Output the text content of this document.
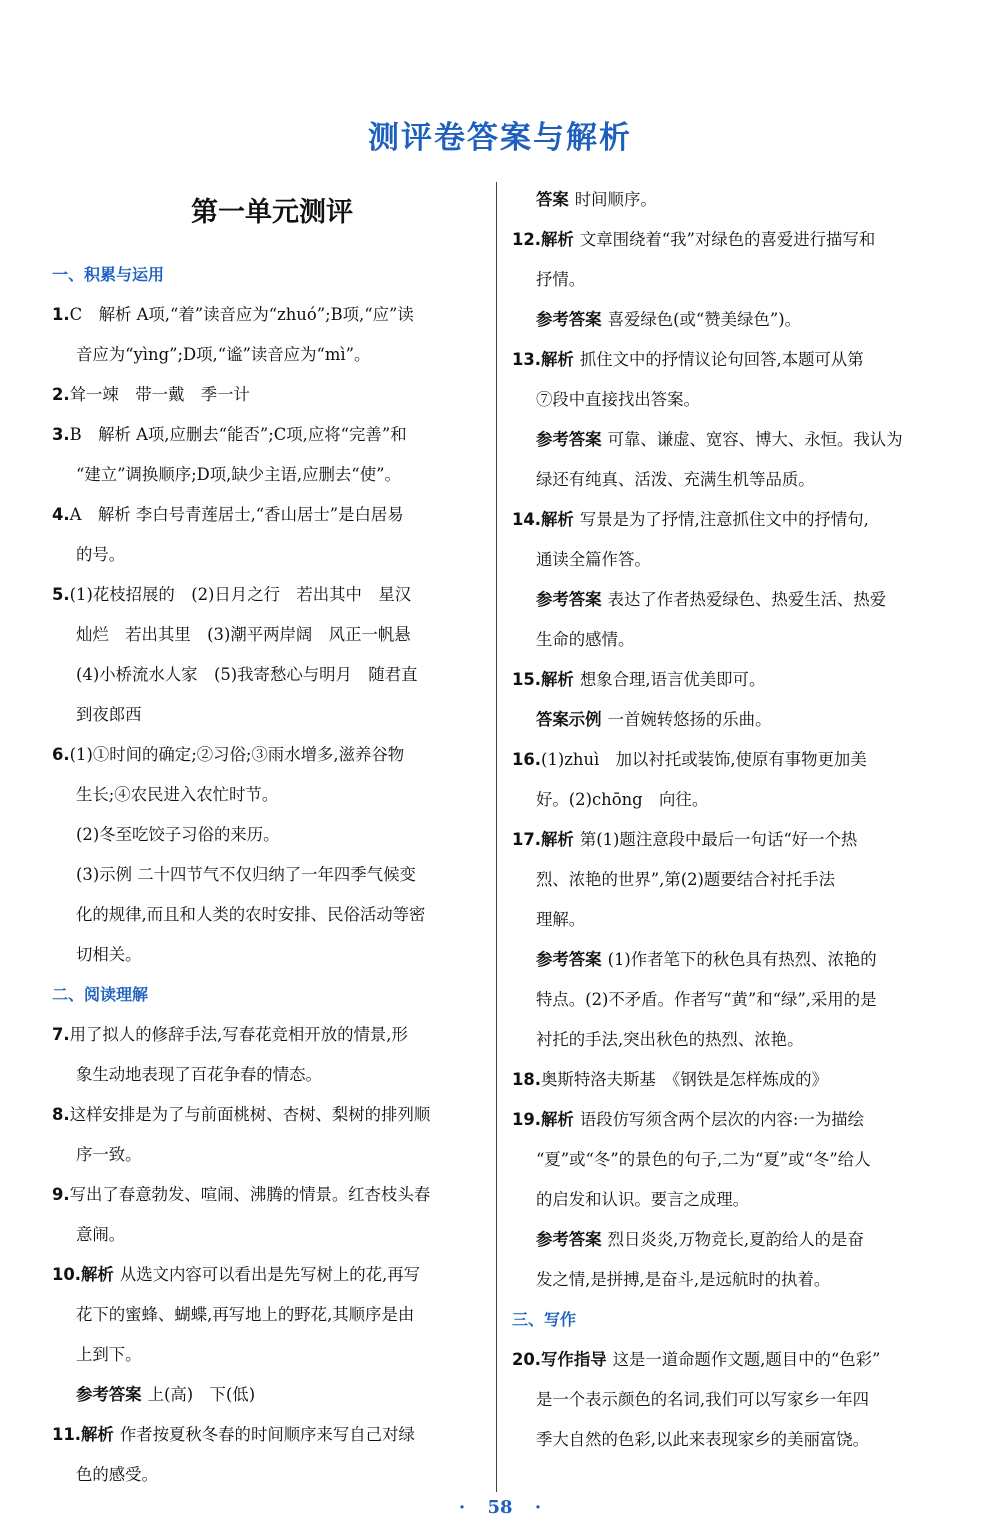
测评卷答案与解析
第一单元测评
一、积累与运用
1.C　解析 A项,“着”读音应为“zhuó”;B项,“应”读
音应为“yìng”;D项,“谧”读音应为“mì”。
2.耸一竦　带一戴　季一计
3.B　解析 A项,应删去“能否”;C项,应将“完善”和
“建立”调换顺序;D项,缺少主语,应删去“使”。
4.A　解析 李白号青莲居士,“香山居士”是白居易
的号。
5.(1)花枝招展的　(2)日月之行　若出其中　星汉
灿烂　若出其里　(3)潮平两岸阔　风正一帆悬
(4)小桥流水人家　(5)我寄愁心与明月　随君直
到夜郎西
6.(1)①时间的确定;②习俗;③雨水增多,滋养谷物
生长;④农民进入农忙时节。
(2)冬至吃饺子习俗的来历。
(3)示例 二十四节气不仅归纳了一年四季气候变
化的规律,而且和人类的农时安排、民俗活动等密
切相关。
二、阅读理解
7.用了拟人的修辞手法,写春花竞相开放的情景,形
象生动地表现了百花争春的情态。
8.这样安排是为了与前面桃树、杏树、梨树的排列顺
序一致。
9.写出了春意勃发、喧闹、沸腾的情景。红杏枝头春
意闹。
10.解析 从选文内容可以看出是先写树上的花,再写
花下的蜜蜂、蝴蝶,再写地上的野花,其顺序是由
上到下。
参考答案 上(高)　下(低)
11.解析 作者按夏秋冬春的时间顺序来写自己对绿
色的感受。
答案 时间顺序。
12.解析 文章围绕着“我”对绿色的喜爱进行描写和
抒情。
参考答案 喜爱绿色(或“赞美绿色”)。
13.解析 抓住文中的抒情议论句回答,本题可从第
⑦段中直接找出答案。
参考答案 可靠、谦虚、宽容、博大、永恒。我认为
绿还有纯真、活泼、充满生机等品质。
14.解析 写景是为了抒情,注意抓住文中的抒情句,
通读全篇作答。
参考答案 表达了作者热爱绿色、热爱生活、热爱
生命的感情。
15.解析 想象合理,语言优美即可。
答案示例 一首婉转悠扬的乐曲。
16.(1)zhuì　加以衬托或装饰,使原有事物更加美
好。(2)chōng　向往。
17.解析 第(1)题注意段中最后一句话“好一个热
烈、浓艳的世界”,第(2)题要结合衬托手法
理解。
参考答案 (1)作者笔下的秋色具有热烈、浓艳的
特点。(2)不矛盾。作者写“黄”和“绿”,采用的是
衬托的手法,突出秋色的热烈、浓艳。
18.奥斯特洛夫斯基　《钢铁是怎样炼成的》
19.解析 语段仿写须含两个层次的内容:一为描绘
“夏”或“冬”的景色的句子,二为“夏”或“冬”给人
的启发和认识。要言之成理。
参考答案 烈日炎炎,万物竞长,夏韵给人的是奋
发之情,是拼搏,是奋斗,是远航时的执着。
三、写作
20.写作指导 这是一道命题作文题,题目中的“色彩”
是一个表示颜色的名词,我们可以写家乡一年四
季大自然的色彩,以此来表现家乡的美丽富饶。
· 58 ·
